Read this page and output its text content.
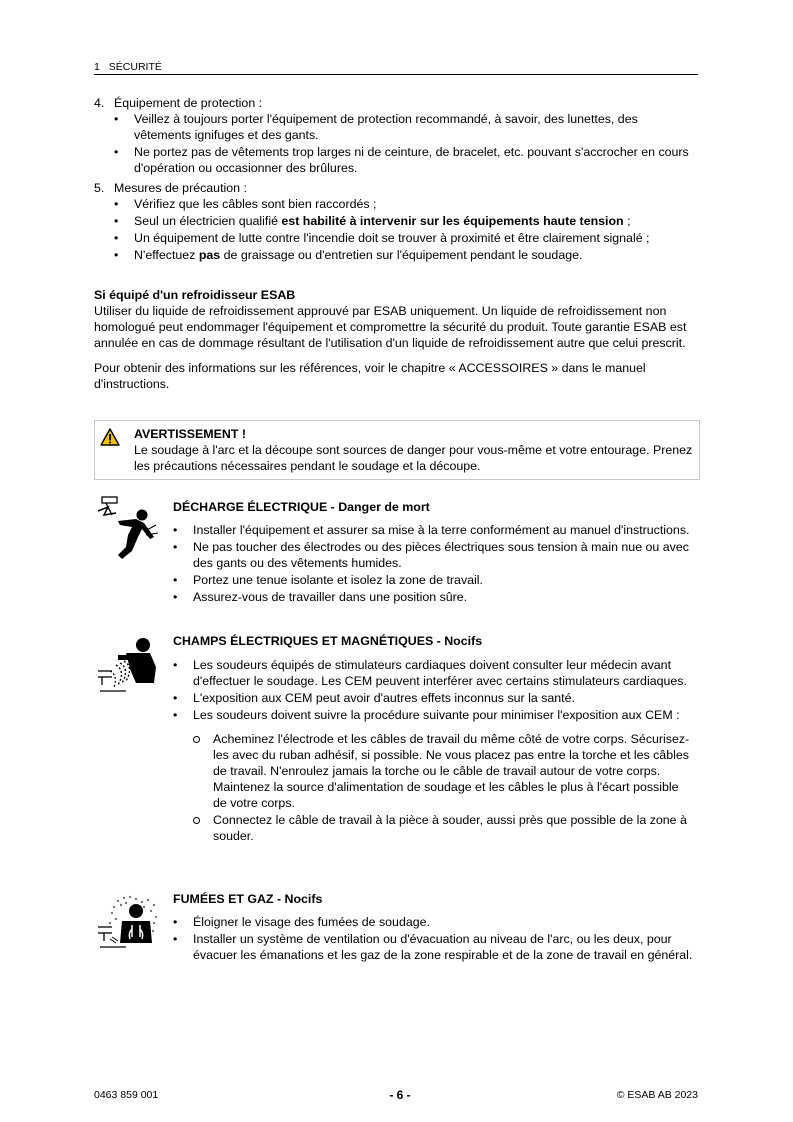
1 SÉCURITÉ
4. Équipement de protection :
• Veillez à toujours porter l'équipement de protection recommandé, à savoir, des lunettes, des vêtements ignifuges et des gants.
• Ne portez pas de vêtements trop larges ni de ceinture, de bracelet, etc. pouvant s'accrocher en cours d'opération ou occasionner des brûlures.
5. Mesures de précaution :
• Vérifiez que les câbles sont bien raccordés ;
• Seul un électricien qualifié est habilité à intervenir sur les équipements haute tension ;
• Un équipement de lutte contre l'incendie doit se trouver à proximité et être clairement signalé ;
• N'effectuez pas de graissage ou d'entretien sur l'équipement pendant le soudage.
Si équipé d'un refroidisseur ESAB
Utiliser du liquide de refroidissement approuvé par ESAB uniquement. Un liquide de refroidissement non homologué peut endommager l'équipement et compromettre la sécurité du produit. Toute garantie ESAB est annulée en cas de dommage résultant de l'utilisation d'un liquide de refroidissement autre que celui prescrit.
Pour obtenir des informations sur les références, voir le chapitre « ACCESSOIRES » dans le manuel d'instructions.
AVERTISSEMENT !
Le soudage à l'arc et la découpe sont sources de danger pour vous-même et votre entourage. Prenez les précautions nécessaires pendant le soudage et la découpe.
DÉCHARGE ÉLECTRIQUE - Danger de mort
• Installer l'équipement et assurer sa mise à la terre conformément au manuel d'instructions.
• Ne pas toucher des électrodes ou des pièces électriques sous tension à main nue ou avec des gants ou des vêtements humides.
• Portez une tenue isolante et isolez la zone de travail.
• Assurez-vous de travailler dans une position sûre.
CHAMPS ÉLECTRIQUES ET MAGNÉTIQUES - Nocifs
• Les soudeurs équipés de stimulateurs cardiaques doivent consulter leur médecin avant d'effectuer le soudage. Les CEM peuvent interférer avec certains stimulateurs cardiaques.
• L'exposition aux CEM peut avoir d'autres effets inconnus sur la santé.
• Les soudeurs doivent suivre la procédure suivante pour minimiser l'exposition aux CEM :
Acheminez l'électrode et les câbles de travail du même côté de votre corps. Sécurisez-les avec du ruban adhésif, si possible. Ne vous placez pas entre la torche et les câbles de travail. N'enroulez jamais la torche ou le câble de travail autour de votre corps. Maintenez la source d'alimentation de soudage et les câbles le plus à l'écart possible de votre corps.
Connectez le câble de travail à la pièce à souder, aussi près que possible de la zone à souder.
FUMÉES ET GAZ - Nocifs
• Éloigner le visage des fumées de soudage.
• Installer un système de ventilation ou d'évacuation au niveau de l'arc, ou les deux, pour évacuer les émanations et les gaz de la zone respirable et de la zone de travail en général.
0463 859 001	- 6 -	© ESAB AB 2023
